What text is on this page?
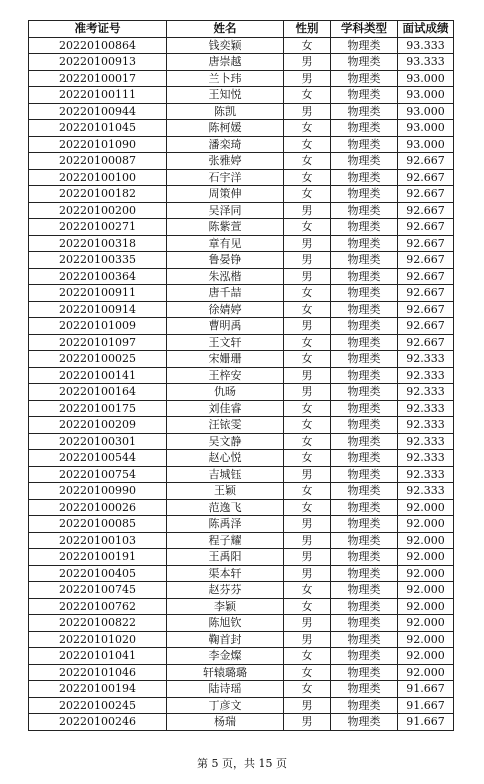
准考证号	姓名	性别	学科类型	面试成绩
20220100864	钱奕颖	女	物理类	93.333
20220100913	唐崇越	男	物理类	93.333
20220100017	兰卜玮	男	物理类	93.000
20220100111	王知悦	女	物理类	93.000
20220100944	陈凯	男	物理类	93.000
20220101045	陈柯媛	女	物理类	93.000
20220101090	潘栾琦	女	物理类	93.000
20220100087	张雅婷	女	物理类	92.667
20220100100	石宇洋	女	物理类	92.667
20220100182	周策伸	女	物理类	92.667
20220100200	吴泽同	男	物理类	92.667
20220100271	陈紫萱	女	物理类	92.667
20220100318	章有见	男	物理类	92.667
20220100335	鲁晏铮	男	物理类	92.667
20220100364	朱泓楷	男	物理类	92.667
20220100911	唐千喆	女	物理类	92.667
20220100914	徐婧婷	女	物理类	92.667
20220101009	曹明禹	男	物理类	92.667
20220101097	王文轩	女	物理类	92.667
20220100025	宋姗珊	女	物理类	92.333
20220100141	王梓安	男	物理类	92.333
20220100164	仇旸	男	物理类	92.333
20220100175	刘佳睿	女	物理类	92.333
20220100209	汪铱雯	女	物理类	92.333
20220100301	吴文静	女	物理类	92.333
20220100544	赵心悦	女	物理类	92.333
20220100754	吉城钰	男	物理类	92.333
20220100990	王颖	女	物理类	92.333
20220100026	范逸飞	女	物理类	92.000
20220100085	陈禹泽	男	物理类	92.000
20220100103	程子耀	男	物理类	92.000
20220100191	王禹阳	男	物理类	92.000
20220100405	渠本轩	男	物理类	92.000
20220100745	赵芬芬	女	物理类	92.000
20220100762	李颖	女	物理类	92.000
20220100822	陈旭钦	男	物理类	92.000
20220101020	鞠首封	男	物理类	92.000
20220101041	李金燦	女	物理类	92.000
20220101046	轩辕璐璐	女	物理类	92.000
20220100194	陆诗瑶	女	物理类	91.667
20220100245	丁彦文	男	物理类	91.667
20220100246	杨瑞	男	物理类	91.667
第 5 页，共 15 页
